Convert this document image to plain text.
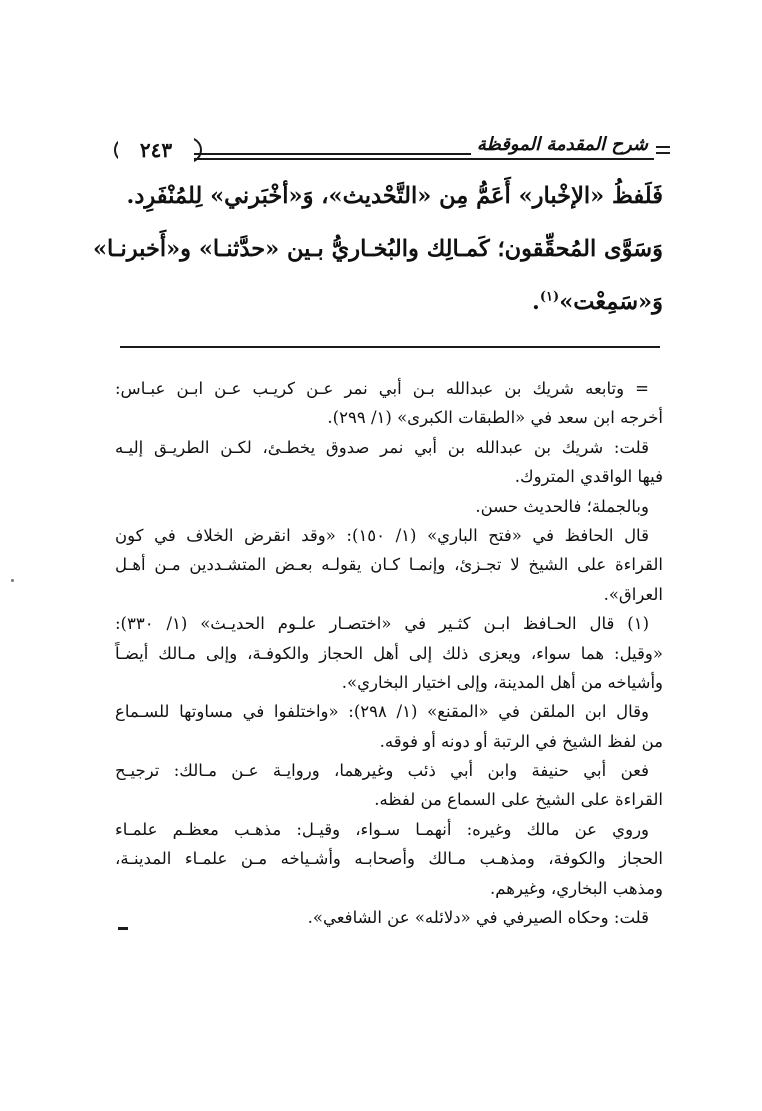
٢٤٣	شرح المقدمة الموقظة
فَلَفظُ «الإخْبار» أَعَمُّ مِن «التَّحْديث»، وَ«أخْبَرني» لِلمُنْفَرِد.
وَسَوَّى المُحقِّقون؛ كَمـالِك والبُخـاريُّ بـين «حدَّثنـا» و«أَخبرنـا»
وَ«سَمِعْت»$^{(١)}$.
= وتابعه شريك بن عبدالله بـن أبي نمر عـن كريـب عـن ابـن عبـاس:
أخرجه ابن سعد في «الطبقات الكبرى» (١/ ٢٩٩).
قلت: شريك بن عبدالله بن أبي نمر صدوق يخطـئ، لكـن الطريـق إليـه
فيها الواقدي المتروك.
وبالجملة؛ فالحديث حسن.
قال الحافظ في «فتح الباري» (١/ ١٥٠): «وقد انقرض الخلاف في كون
القراءة على الشيخ لا تجـزئ، وإنمـا كـان يقولـه بعـض المتشـددين مـن أهـل
العراق».
(١) قال الحـافظ ابـن كثـير في «اختصـار علـوم الحديـث» (١/ ٣٣٠):
«وقيل: هما سواء، ويعزى ذلك إلى أهل الحجاز والكوفـة، وإلى مـالك أيضـاً
وأشياخه من أهل المدينة، وإلى اختيار البخاري».
وقال ابن الملقن في «المقنع» (١/ ٢٩٨): «واختلفوا في مساوتها للسـماع
من لفظ الشيخ في الرتبة أو دونه أو فوقه.
فعن أبي حنيفة وابن أبي ذئب وغيرهما، وروايـة عـن مـالك: ترجيـح
القراءة على الشيخ على السماع من لفظه.
وروي عن مالك وغيره: أنهمـا سـواء، وقيـل: مذهـب معظـم علمـاء
الحجاز والكوفة، ومذهـب مـالك وأصحابـه وأشـياخه مـن علمـاء المدينـة،
ومذهب البخاري، وغيرهم.
قلت: وحكاه الصيرفي في «دلائله» عن الشافعي».
